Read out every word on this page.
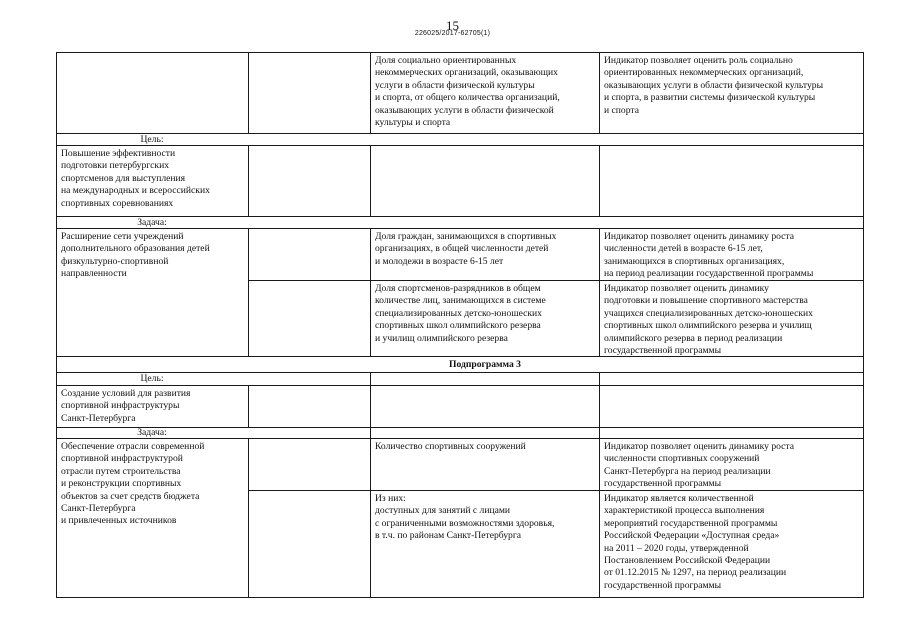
15
226025/2017-62705(1)
Доля социально ориентированных
некоммерческих организаций, оказывающих
услуги в области физической культуры
и спорта, от общего количества организаций,
оказывающих услуги в области физической
культуры и спорта
Индикатор позволяет оценить роль социально
ориентированных некоммерческих организаций,
оказывающих услуги в области физической культуры
и спорта, в развитии системы физической культуры
и спорта
Цель:
Повышение эффективности
подготовки петербургских
спортсменов для выступления
на международных и всероссийских
спортивных соревнованиях
Задача:
Расширение сети учреждений
дополнительного образования детей
физкультурно-спортивной
направленности
Доля граждан, занимающихся в спортивных
организациях, в общей численности детей
и молодежи в возрасте 6-15 лет
Индикатор позволяет оценить динамику роста
численности детей в возрасте 6-15 лет,
занимающихся в спортивных организациях,
на период реализации государственной программы
Доля спортсменов-разрядников в общем
количестве лиц, занимающихся в системе
специализированных детско-юношеских
спортивных школ олимпийского резерва
и училищ олимпийского резерва
Индикатор позволяет оценить динамику
подготовки и повышение спортивного мастерства
учащихся специализированных детско-юношеских
спортивных школ олимпийского резерва и училищ
олимпийского резерва в период реализации
государственной программы
Подпрограмма 3
Цель:
Создание условий для развития
спортивной инфраструктуры
Санкт-Петербурга
Задача:
Обеспечение отрасли современной
спортивной инфраструктурой
отрасли путем строительства
и реконструкции спортивных
объектов за счет средств бюджета
Санкт-Петербурга
и привлеченных источников
Количество спортивных сооружений	Индикатор позволяет оценить динамику роста
численности спортивных сооружений
Санкт-Петербурга на период реализации
государственной программы
Из них:
доступных для занятий с лицами
с ограниченными возможностями здоровья,
в т.ч. по районам Санкт-Петербурга
Индикатор является количественной
характеристикой процесса выполнения
мероприятий государственной программы
Российской Федерации «Доступная среда»
на 2011 – 2020 годы, утвержденной
Постановлением Российской Федерации
от 01.12.2015 № 1297, на период реализации
государственной программы
